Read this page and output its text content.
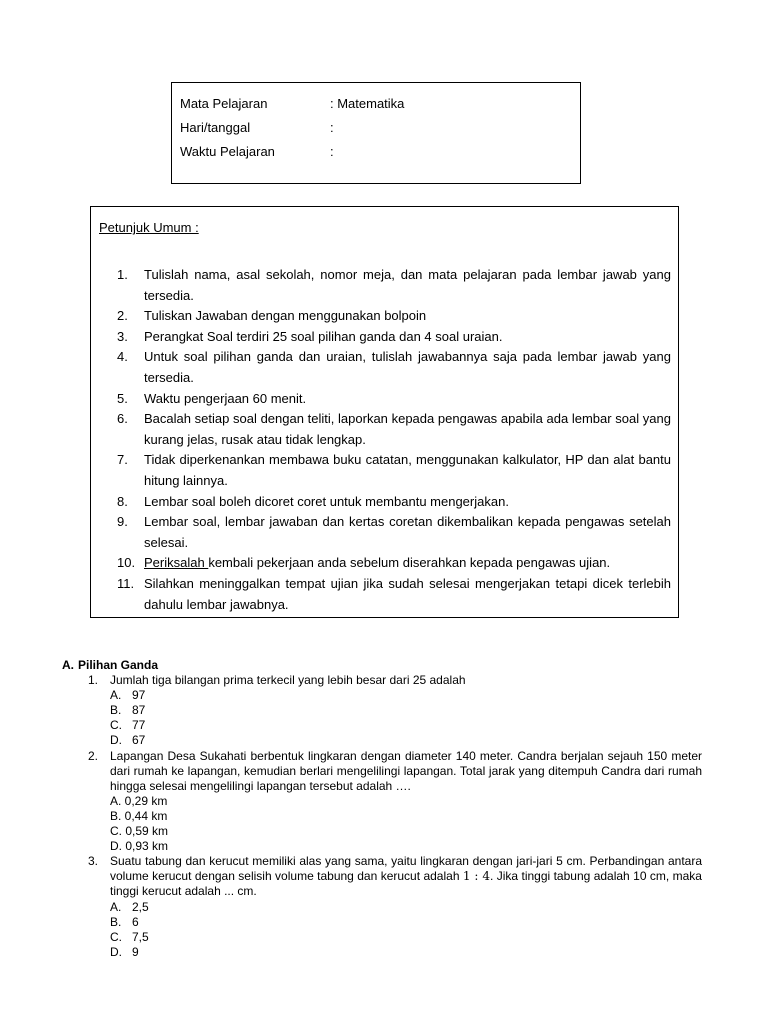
Mata Pelajaran	: Matematika
Hari/tanggal	:
Waktu Pelajaran	:
Petunjuk Umum :
1.	Tulislah nama, asal sekolah, nomor meja, dan mata pelajaran pada lembar jawab yang tersedia.
2.	Tuliskan Jawaban dengan menggunakan bolpoin
3.	Perangkat Soal terdiri 25 soal pilihan ganda dan 4 soal uraian.
4.	Untuk soal pilihan ganda dan uraian, tulislah jawabannya saja pada lembar jawab yang tersedia.
5.	Waktu pengerjaan 60 menit.
6.	Bacalah setiap soal dengan teliti, laporkan kepada pengawas apabila ada lembar soal yang kurang jelas, rusak atau tidak lengkap.
7.	Tidak diperkenankan membawa buku catatan, menggunakan kalkulator, HP dan alat bantu hitung lainnya.
8.	Lembar soal boleh dicoret coret untuk membantu mengerjakan.
9.	Lembar soal, lembar jawaban dan kertas coretan dikembalikan kepada pengawas setelah selesai.
10. Periksalah kembali pekerjaan anda sebelum diserahkan kepada pengawas ujian.
11. Silahkan meninggalkan tempat ujian jika sudah selesai mengerjakan tetapi dicek terlebih dahulu lembar jawabnya.
A. Pilihan Ganda
1. Jumlah tiga bilangan prima terkecil yang lebih besar dari 25 adalah
A. 97
B. 87
C. 77
D. 67
2. Lapangan Desa Sukahati berbentuk lingkaran dengan diameter 140 meter. Candra berjalan sejauh 150 meter dari rumah ke lapangan, kemudian berlari mengelilingi lapangan. Total jarak yang ditempuh Candra dari rumah hingga selesai mengelilingi lapangan tersebut adalah ….
A. 0,29 km
B. 0,44 km
C. 0,59 km
D. 0,93 km
3. Suatu tabung dan kerucut memiliki alas yang sama, yaitu lingkaran dengan jari-jari 5 cm. Perbandingan antara volume kerucut dengan selisih volume tabung dan kerucut adalah 1 : 4. Jika tinggi tabung adalah 10 cm, maka tinggi kerucut adalah ... cm.
A. 2,5
B. 6
C. 7,5
D. 9
